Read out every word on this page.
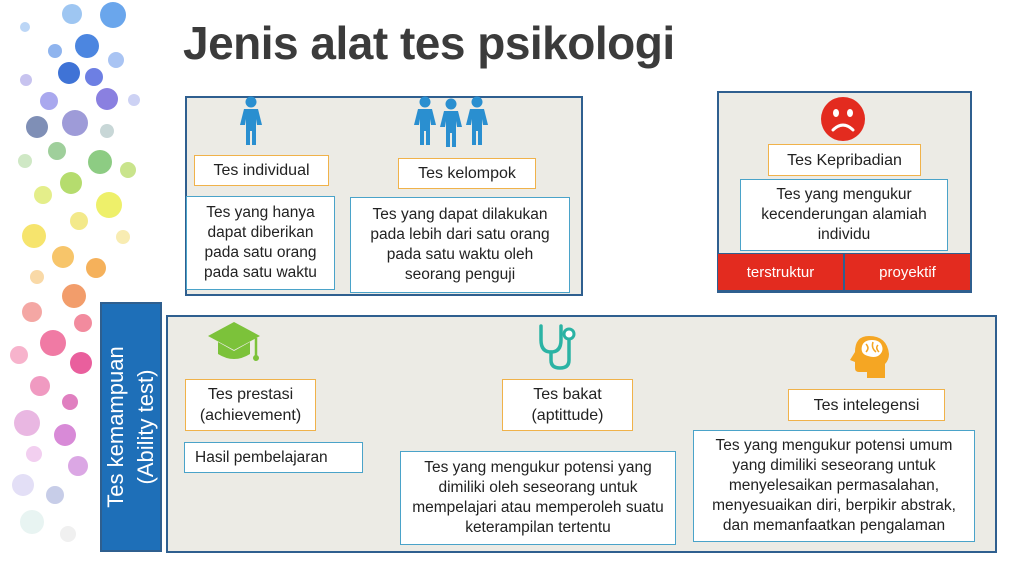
Jenis alat tes psikologi
Tes individual	Tes kelompok
Tes yang hanya dapat diberikan pada satu orang pada satu waktu
Tes yang dapat dilakukan pada lebih dari satu orang pada satu waktu oleh seorang penguji
Tes Kepribadian
Tes yang mengukur kecenderungan alamiah individu
terstruktur	proyektif
Tes kemampuan (Ability test)	Tes prestasi (achievement)
Tes bakat (aptittude)
Tes intelegensi
Hasil pembelajaran
Tes yang mengukur potensi yang dimiliki oleh seseorang untuk mempelajari atau memperoleh suatu keterampilan tertentu
Tes yang mengukur potensi umum yang dimiliki seseorang untuk menyelesaikan permasalahan, menyesuaikan diri, berpikir abstrak, dan memanfaatkan pengalaman
